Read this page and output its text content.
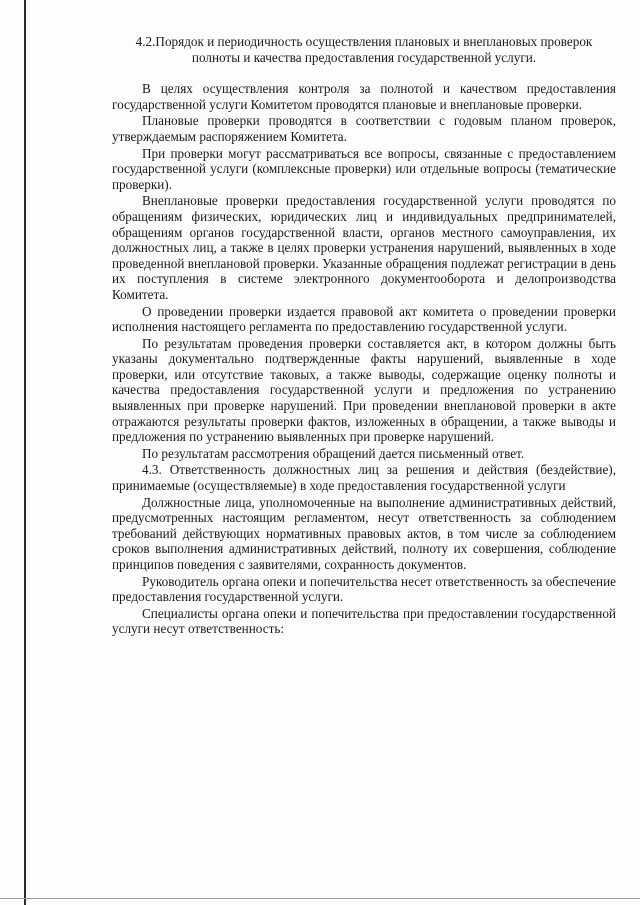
4.2.Порядок и периодичность осуществления плановых и внеплановых проверок полноты и качества предоставления государственной услуги.

В целях осуществления контроля за полнотой и качеством предоставления государственной услуги Комитетом проводятся плановые и внеплановые проверки.

Плановые проверки проводятся в соответствии с годовым планом проверок, утверждаемым распоряжением Комитета.

При проверки могут рассматриваться все вопросы, связанные с предоставлением государственной услуги (комплексные проверки) или отдельные вопросы (тематические проверки).

Внеплановые проверки предоставления государственной услуги проводятся по обращениям физических, юридических лиц и индивидуальных предпринимателей, обращениям органов государственной власти, органов местного самоуправления, их должностных лиц, а также в целях проверки устранения нарушений, выявленных в ходе проведенной внеплановой проверки. Указанные обращения подлежат регистрации в день их поступления в системе электронного документооборота и делопроизводства Комитета.

О проведении проверки издается правовой акт комитета о проведении проверки исполнения настоящего регламента по предоставлению государственной услуги.

По результатам проведения проверки составляется акт, в котором должны быть указаны документально подтвержденные факты нарушений, выявленные в ходе проверки, или отсутствие таковых, а также выводы, содержащие оценку полноты и качества предоставления государственной услуги и предложения по устранению выявленных при проверке нарушений. При проведении внеплановой проверки в акте отражаются результаты проверки фактов, изложенных в обращении, а также выводы и предложения по устранению выявленных при проверке нарушений.

По результатам рассмотрения обращений дается письменный ответ.

4.3. Ответственность должностных лиц за решения и действия (бездействие), принимаемые (осуществляемые) в ходе предоставления государственной услуги

Должностные лица, уполномоченные на выполнение административных действий, предусмотренных настоящим регламентом, несут ответственность за соблюдением требований действующих нормативных правовых актов, в том числе за соблюдением сроков выполнения административных действий, полноту их совершения, соблюдение принципов поведения с заявителями, сохранность документов.

Руководитель органа опеки и попечительства несет ответственность за обеспечение предоставления государственной услуги.

Специалисты органа опеки и попечительства при предоставлении государственной услуги несут ответственность:
